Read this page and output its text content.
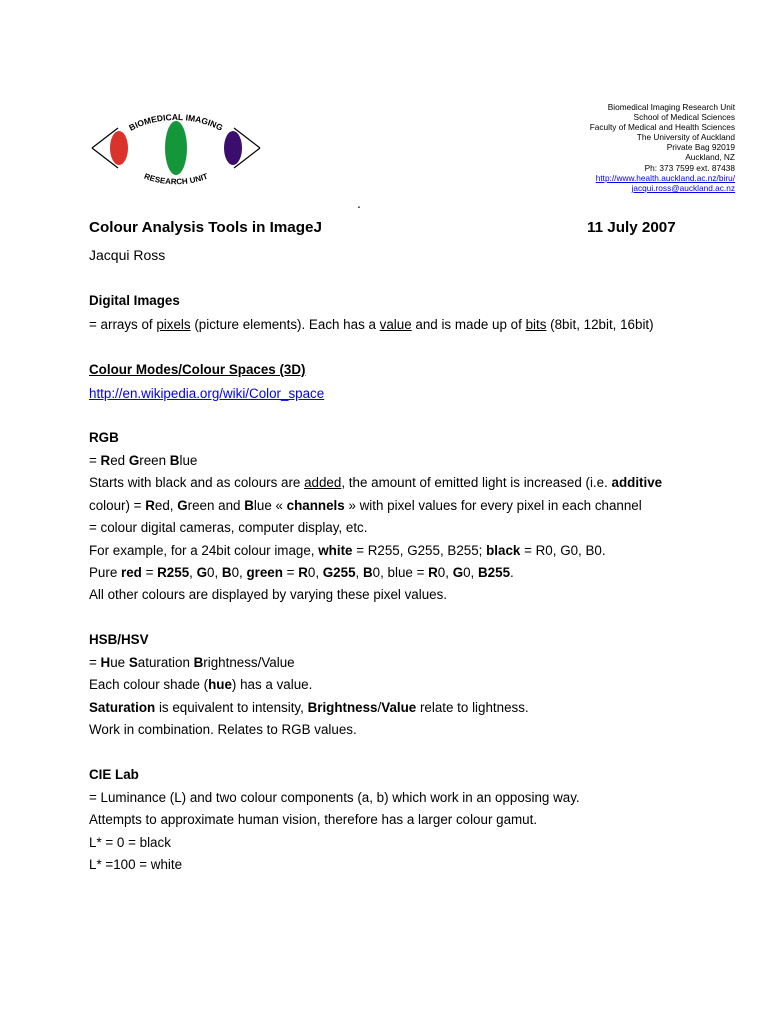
BIOMEDICAL IMAGING
RESEARCH UNIT
Biomedical Imaging Research Unit
School of Medical Sciences
Faculty of Medical and Health Sciences
The University of Auckland
Private Bag 92019
Auckland, NZ
Ph: 373 7599 ext. 87438
http://www.health.auckland.ac.nz/biru/
jacqui.ross@auckland.ac.nz
.
Colour Analysis Tools in ImageJ	11 July 2007
Jacqui Ross
Digital Images
= arrays of pixels (picture elements). Each has a value and is made up of bits (8bit, 12bit, 16bit)
Colour Modes/Colour Spaces (3D)
http://en.wikipedia.org/wiki/Color_space
RGB
= Red Green Blue
Starts with black and as colours are added, the amount of emitted light is increased (i.e. additive
colour) = Red, Green and Blue « channels » with pixel values for every pixel in each channel
= colour digital cameras, computer display, etc.
For example, for a 24bit colour image, white = R255, G255, B255; black = R0, G0, B0.
Pure red = R255, G0, B0, green = R0, G255, B0, blue = R0, G0, B255.
All other colours are displayed by varying these pixel values.
HSB/HSV
= Hue Saturation Brightness/Value
Each colour shade (hue) has a value.
Saturation is equivalent to intensity, Brightness/Value relate to lightness.
Work in combination. Relates to RGB values.
CIE Lab
= Luminance (L) and two colour components (a, b) which work in an opposing way.
Attempts to approximate human vision, therefore has a larger colour gamut.
L* = 0 = black
L* =100 = white
